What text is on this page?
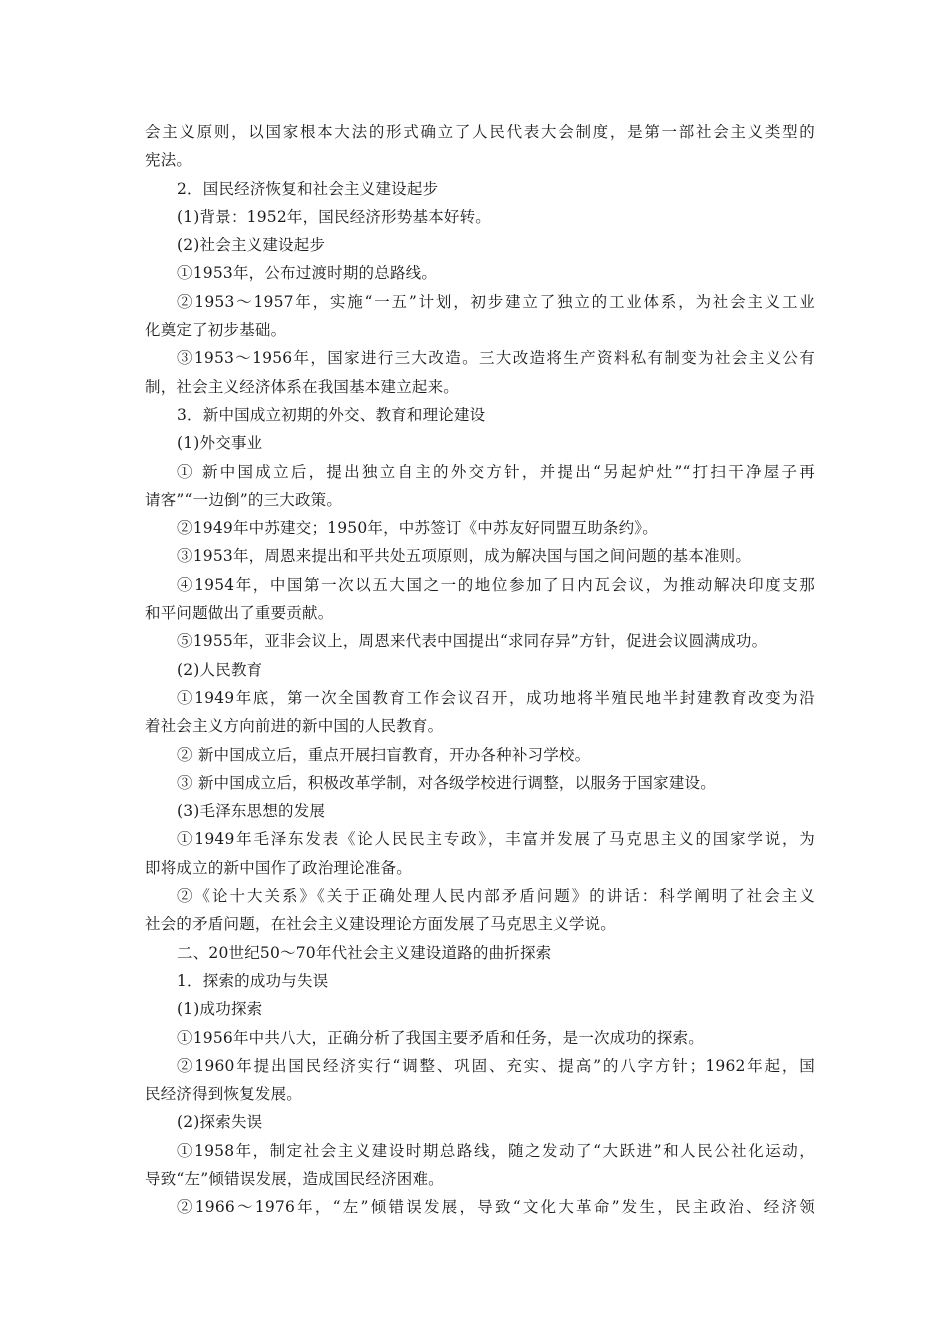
会主义原则，以国家根本大法的形式确立了人民代表大会制度，是第一部社会主义类型的
宪法。
2．国民经济恢复和社会主义建设起步
(1)背景：1952年，国民经济形势基本好转。
(2)社会主义建设起步
①1953年，公布过渡时期的总路线。
②1953～1957年，实施“一五”计划，初步建立了独立的工业体系，为社会主义工业
化奠定了初步基础。
③1953～1956年，国家进行三大改造。三大改造将生产资料私有制变为社会主义公有
制，社会主义经济体系在我国基本建立起来。
3．新中国成立初期的外交、教育和理论建设
(1)外交事业
① 新中国成立后，提出独立自主的外交方针，并提出“另起炉灶”“打扫干净屋子再
请客”“一边倒”的三大政策。
②1949年中苏建交；1950年，中苏签订《中苏友好同盟互助条约》。
③1953年，周恩来提出和平共处五项原则，成为解决国与国之间问题的基本准则。
④1954年，中国第一次以五大国之一的地位参加了日内瓦会议，为推动解决印度支那
和平问题做出了重要贡献。
⑤1955年，亚非会议上，周恩来代表中国提出“求同存异”方针，促进会议圆满成功。
(2)人民教育
①1949年底，第一次全国教育工作会议召开，成功地将半殖民地半封建教育改变为沿
着社会主义方向前进的新中国的人民教育。
② 新中国成立后，重点开展扫盲教育，开办各种补习学校。
③ 新中国成立后，积极改革学制，对各级学校进行调整，以服务于国家建设。
(3)毛泽东思想的发展
①1949年毛泽东发表《论人民民主专政》，丰富并发展了马克思主义的国家学说，为
即将成立的新中国作了政治理论准备。
②《论十大关系》《关于正确处理人民内部矛盾问题》的讲话：科学阐明了社会主义
社会的矛盾问题，在社会主义建设理论方面发展了马克思主义学说。
二、20世纪50～70年代社会主义建设道路的曲折探索
1．探索的成功与失误
(1)成功探索
①1956年中共八大，正确分析了我国主要矛盾和任务，是一次成功的探索。
②1960年提出国民经济实行“调整、巩固、充实、提高”的八字方针；1962年起，国
民经济得到恢复发展。
(2)探索失误
①1958年，制定社会主义建设时期总路线，随之发动了“大跃进”和人民公社化运动，
导致“左”倾错误发展，造成国民经济困难。
②1966～1976年，“左”倾错误发展，导致“文化大革命”发生，民主政治、经济领
